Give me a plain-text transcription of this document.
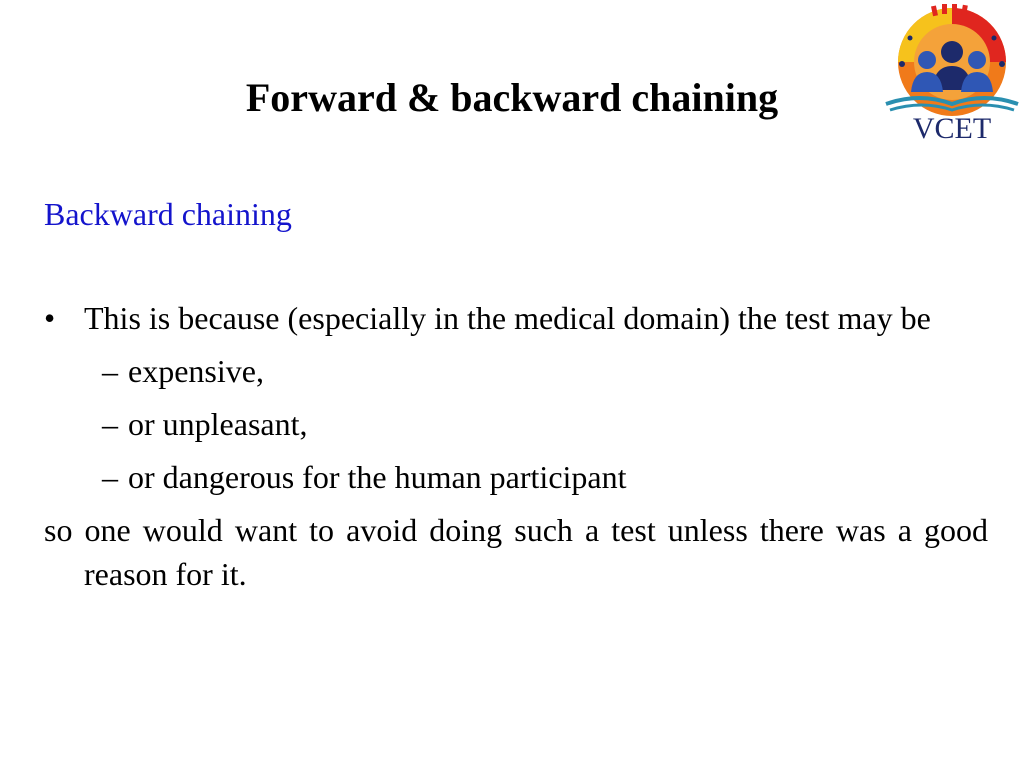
Forward & backward chaining
VCET
Backward chaining
• This is because (especially in the medical domain) the test may be
– expensive,
– or unpleasant,
– or dangerous for the human participant
so one would want to avoid doing such a test unless there was a good reason for it.
